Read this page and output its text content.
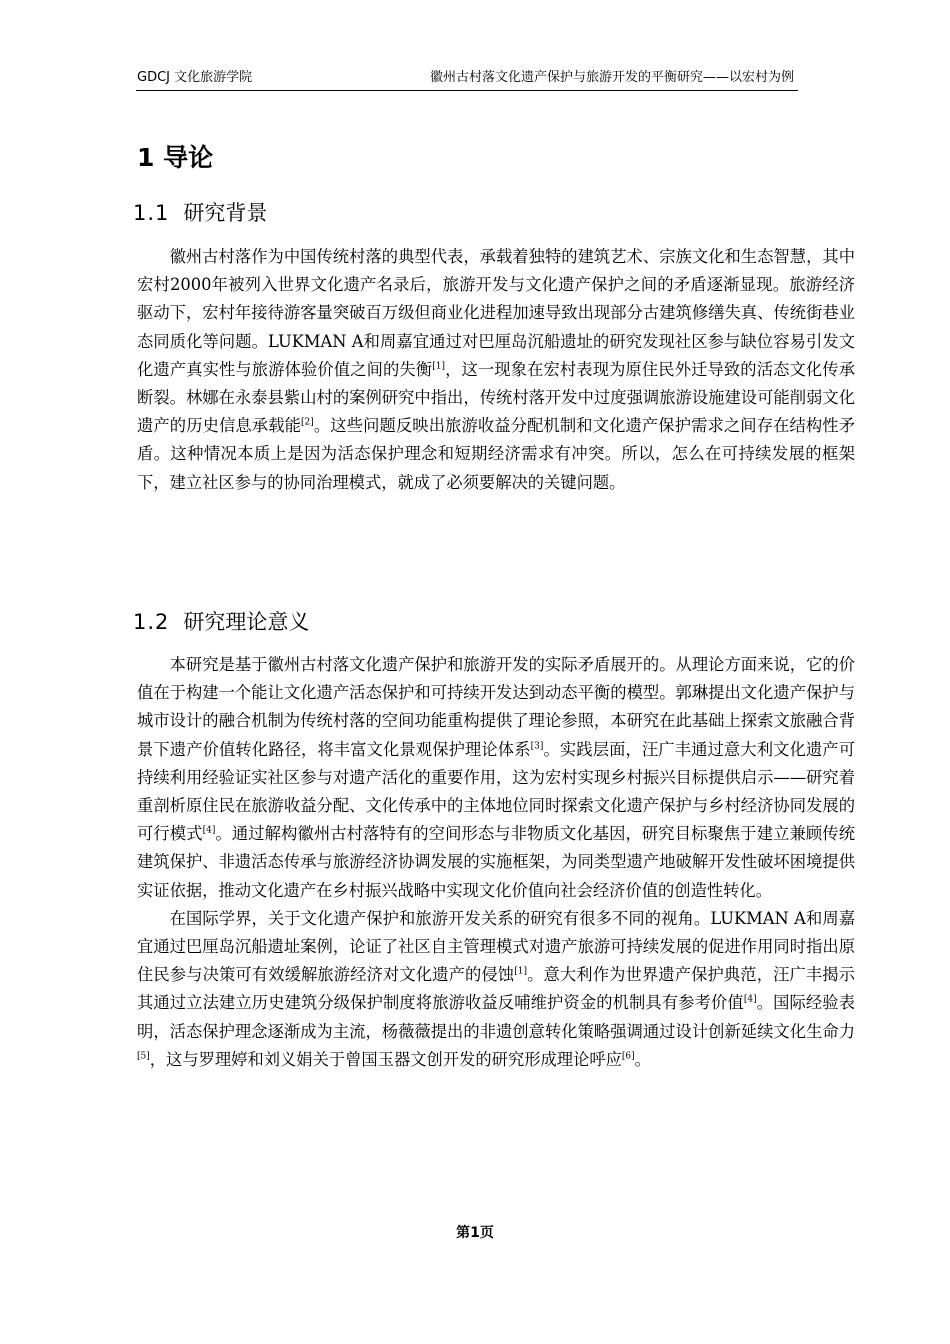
GDCJ 文化旅游学院	徽州古村落文化遗产保护与旅游开发的平衡研究——以宏村为例
1 导论
1.1 研究背景

徽州古村落作为中国传统村落的典型代表，承载着独特的建筑艺术、宗族文化和生态智慧，其中宏村2000年被列入世界文化遗产名录后，旅游开发与文化遗产保护之间的矛盾逐渐显现。旅游经济驱动下，宏村年接待游客量突破百万级但商业化进程加速导致出现部分古建筑修缮失真、传统街巷业态同质化等问题。LUKMAN A和周嘉宜通过对巴厘岛沉船遗址的研究发现社区参与缺位容易引发文化遗产真实性与旅游体验价值之间的失衡[1]，这一现象在宏村表现为原住民外迁导致的活态文化传承断裂。林娜在永泰县紫山村的案例研究中指出，传统村落开发中过度强调旅游设施建设可能削弱文化遗产的历史信息承载能[2]。这些问题反映出旅游收益分配机制和文化遗产保护需求之间存在结构性矛盾。这种情况本质上是因为活态保护理念和短期经济需求有冲突。所以，怎么在可持续发展的框架下，建立社区参与的协同治理模式，就成了必须要解决的关键问题。

1.2 研究理论意义

本研究是基于徽州古村落文化遗产保护和旅游开发的实际矛盾展开的。从理论方面来说，它的价值在于构建一个能让文化遗产活态保护和可持续开发达到动态平衡的模型。郭琳提出文化遗产保护与城市设计的融合机制为传统村落的空间功能重构提供了理论参照，本研究在此基础上探索文旅融合背景下遗产价值转化路径，将丰富文化景观保护理论体系[3]。实践层面，汪广丰通过意大利文化遗产可持续利用经验证实社区参与对遗产活化的重要作用，这为宏村实现乡村振兴目标提供启示——研究着重剖析原住民在旅游收益分配、文化传承中的主体地位同时探索文化遗产保护与乡村经济协同发展的可行模式[4]。通过解构徽州古村落特有的空间形态与非物质文化基因，研究目标聚焦于建立兼顾传统建筑保护、非遗活态传承与旅游经济协调发展的实施框架，为同类型遗产地破解开发性破坏困境提供实证依据，推动文化遗产在乡村振兴战略中实现文化价值向社会经济价值的创造性转化。

在国际学界，关于文化遗产保护和旅游开发关系的研究有很多不同的视角。LUKMAN A和周嘉宜通过巴厘岛沉船遗址案例，论证了社区自主管理模式对遗产旅游可持续发展的促进作用同时指出原住民参与决策可有效缓解旅游经济对文化遗产的侵蚀[1]。意大利作为世界遗产保护典范，汪广丰揭示其通过立法建立历史建筑分级保护制度将旅游收益反哺维护资金的机制具有参考价值[4]。国际经验表明，活态保护理念逐渐成为主流，杨薇薇提出的非遗创意转化策略强调通过设计创新延续文化生命力[5]，这与罗理婷和刘义娟关于曾国玉器文创开发的研究形成理论呼应[6]。

第1页
